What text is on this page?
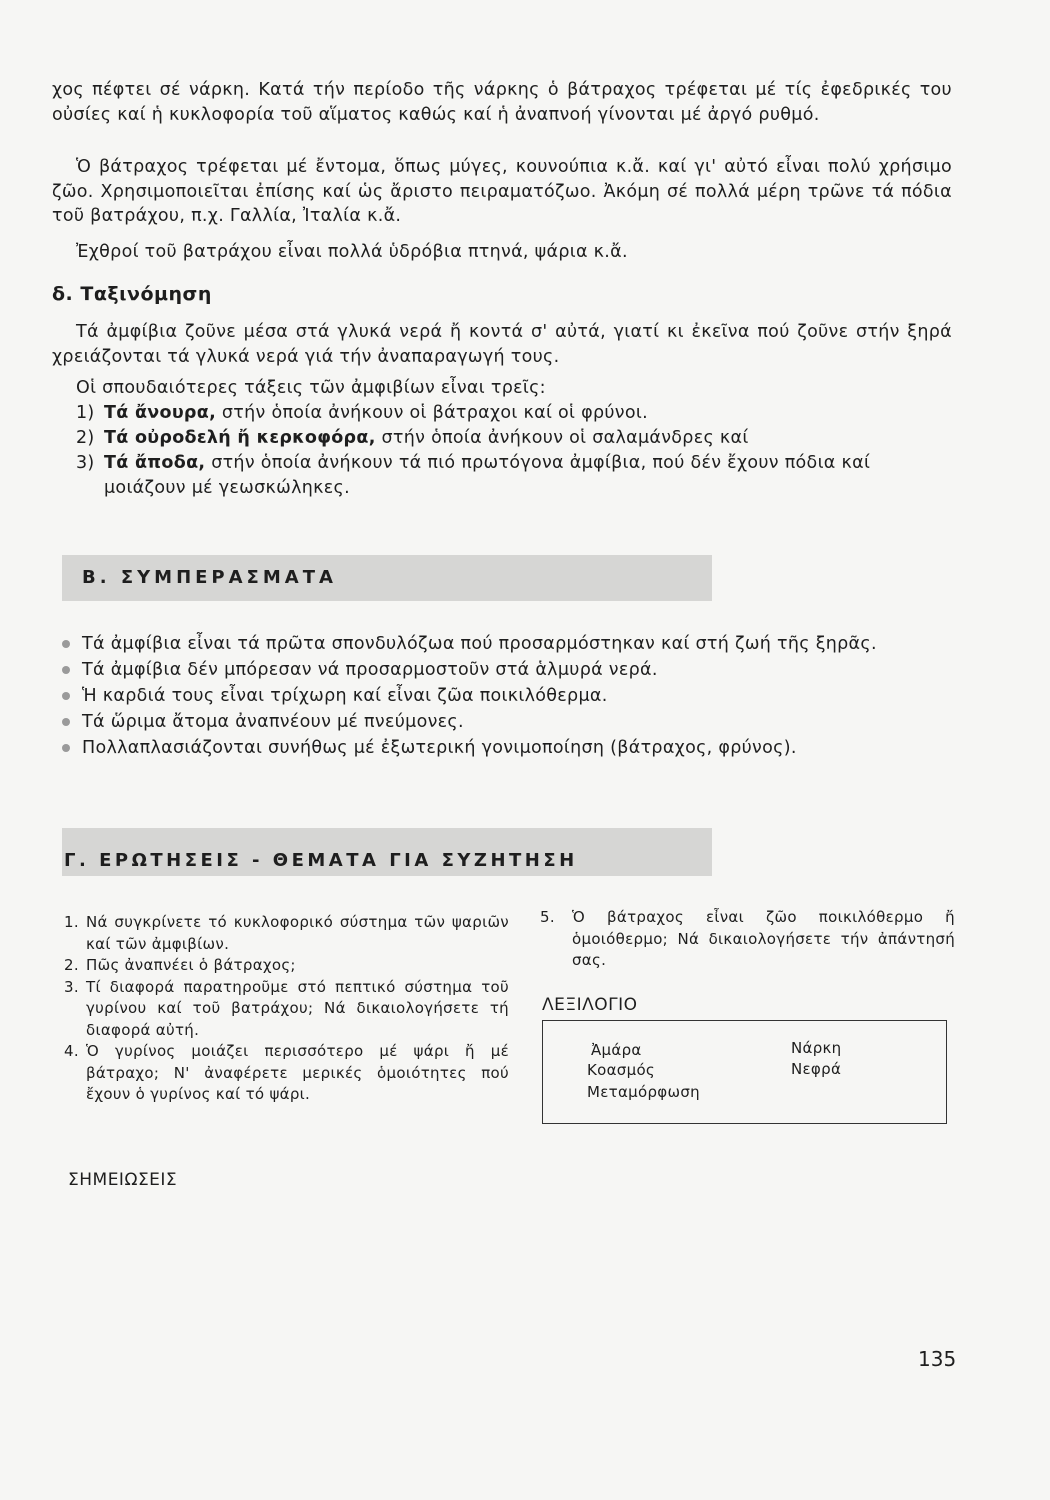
χος πέφτει σέ νάρκη. Κατά τήν περίοδο τῆς νάρκης ὁ βάτραχος τρέφεται μέ τίς ἐφεδρικές του οὐσίες καί ἡ κυκλοφορία τοῦ αἵματος καθώς καί ἡ ἀναπνοή γίνονται μέ ἀργό ρυθμό.
Ὁ βάτραχος τρέφεται μέ ἔντομα, ὅπως μύγες, κουνούπια κ.ἄ. καί γι' αὐτό εἶναι πολύ χρήσιμο ζῶο. Χρησιμοποιεῖται ἐπίσης καί ὡς ἄριστο πειραματόζωο. Ἀκόμη σέ πολλά μέρη τρῶνε τά πόδια τοῦ βατράχου, π.χ. Γαλλία, Ἰταλία κ.ἄ.
Ἐχθροί τοῦ βατράχου εἶναι πολλά ὑδρόβια πτηνά, ψάρια κ.ἄ.
δ. Ταξινόμηση
Τά ἀμφίβια ζοῦνε μέσα στά γλυκά νερά ἤ κοντά σ' αὐτά, γιατί κι ἐκεῖνα πού ζοῦνε στήν ξηρά χρειάζονται τά γλυκά νερά γιά τήν ἀναπαραγωγή τους.
Οἱ σπουδαιότερες τάξεις τῶν ἀμφιβίων εἶναι τρεῖς:
1) Τά ἄνουρα, στήν ὁποία ἀνήκουν οἱ βάτραχοι καί οἱ φρύνοι.
2) Τά οὐροδελή ἤ κερκοφόρα, στήν ὁποία ἀνήκουν οἱ σαλαμάνδρες καί
3) Τά ἄποδα, στήν ὁποία ἀνήκουν τά πιό πρωτόγονα ἀμφίβια, πού δέν ἔχουν πόδια καί μοιάζουν μέ γεωσκώληκες.
Β. ΣΥΜΠΕΡΑΣΜΑΤΑ
Τά ἀμφίβια εἶναι τά πρῶτα σπονδυλόζωα πού προσαρμόστηκαν καί στή ζωή τῆς ξηρᾶς.
Τά ἀμφίβια δέν μπόρεσαν νά προσαρμοστοῦν στά ἁλμυρά νερά.
Ἡ καρδιά τους εἶναι τρίχωρη καί εἶναι ζῶα ποικιλόθερμα.
Τά ὥριμα ἄτομα ἀναπνέουν μέ πνεύμονες.
Πολλαπλασιάζονται συνήθως μέ ἐξωτερική γονιμοποίηση (βάτραχος, φρύνος).
Γ. ΕΡΩΤΗΣΕΙΣ - ΘΕΜΑΤΑ ΓΙΑ ΣΥΖΗΤΗΣΗ
1. Νά συγκρίνετε τό κυκλοφορικό σύστημα τῶν ψαριῶν καί τῶν ἀμφιβίων.
2. Πῶς ἀναπνέει ὁ βάτραχος;
3. Τί διαφορά παρατηροῦμε στό πεπτικό σύστημα τοῦ γυρίνου καί τοῦ βατράχου; Νά δικαιολογήσετε τή διαφορά αὐτή.
4. Ὁ γυρίνος μοιάζει περισσότερο μέ ψάρι ἤ μέ βάτραχο; Ν' ἀναφέρετε μερικές ὁμοιότητες πού ἔχουν ὁ γυρίνος καί τό ψάρι.
5. Ὁ βάτραχος εἶναι ζῶο ποικιλόθερμο ἤ ὁμοιόθερμο; Νά δικαιολογήσετε τήν ἀπάντησή σας.
ΛΕΞΙΛΟΓΙΟ
Ἀμάρα
Κοασμός
Μεταμόρφωση
Νάρκη
Νεφρά
ΣΗΜΕΙΩΣΕΙΣ
135
